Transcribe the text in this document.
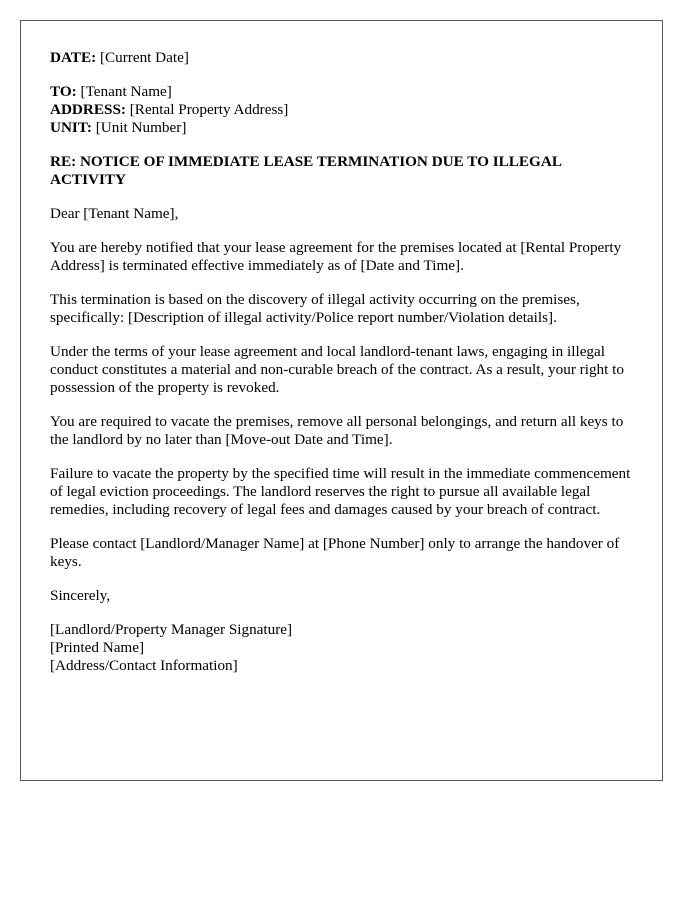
DATE: [Current Date]

TO: [Tenant Name]
ADDRESS: [Rental Property Address]
UNIT: [Unit Number]

RE: NOTICE OF IMMEDIATE LEASE TERMINATION DUE TO ILLEGAL ACTIVITY

Dear [Tenant Name],

You are hereby notified that your lease agreement for the premises located at [Rental Property Address] is terminated effective immediately as of [Date and Time].

This termination is based on the discovery of illegal activity occurring on the premises, specifically: [Description of illegal activity/Police report number/Violation details].

Under the terms of your lease agreement and local landlord-tenant laws, engaging in illegal conduct constitutes a material and non-curable breach of the contract. As a result, your right to possession of the property is revoked.

You are required to vacate the premises, remove all personal belongings, and return all keys to the landlord by no later than [Move-out Date and Time].

Failure to vacate the property by the specified time will result in the immediate commencement of legal eviction proceedings. The landlord reserves the right to pursue all available legal remedies, including recovery of legal fees and damages caused by your breach of contract.

Please contact [Landlord/Manager Name] at [Phone Number] only to arrange the handover of keys.

Sincerely,

[Landlord/Property Manager Signature]
[Printed Name]
[Address/Contact Information]
